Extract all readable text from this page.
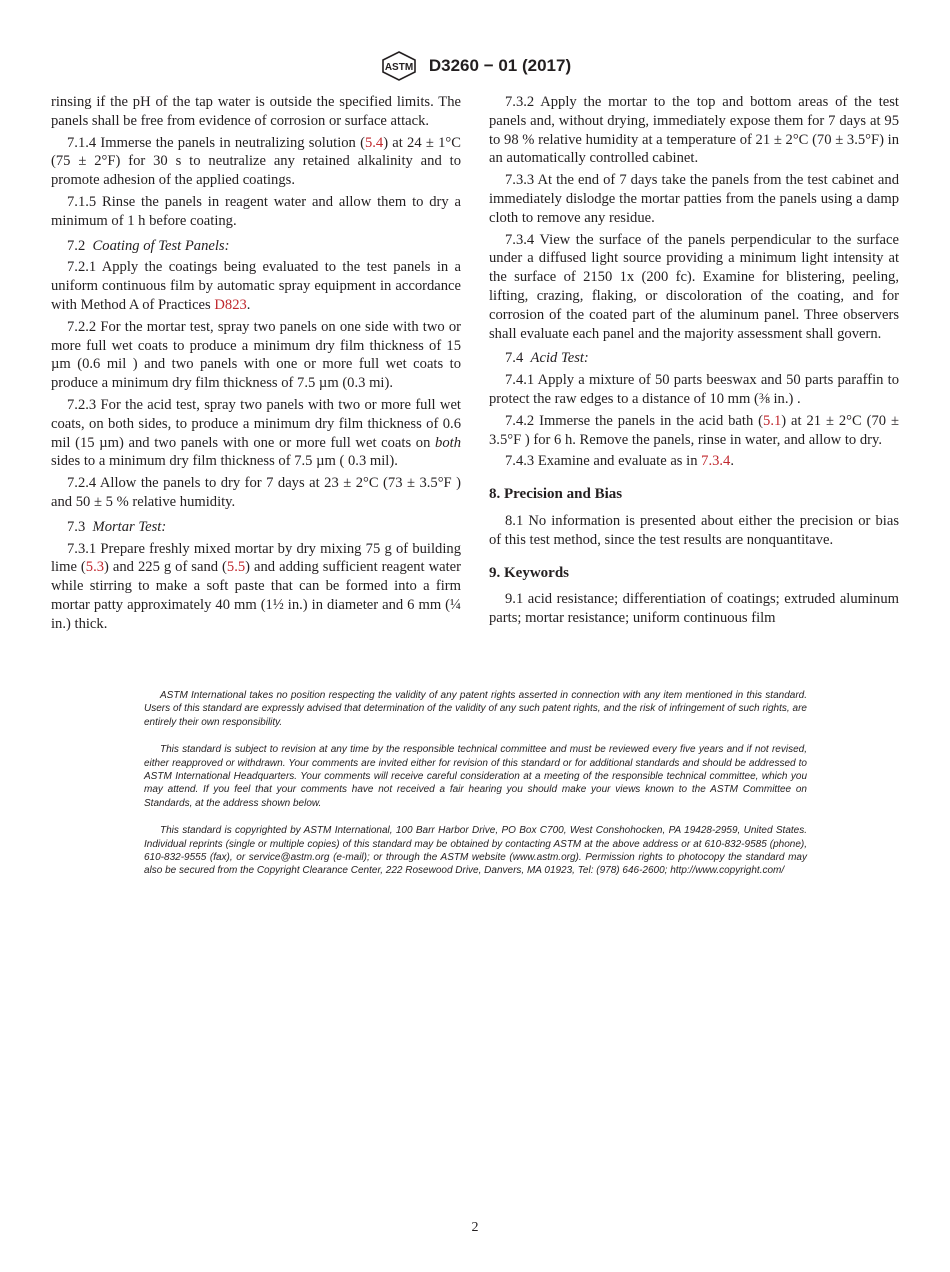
ASTM D3260 − 01 (2017)

rinsing if the pH of the tap water is outside the specified limits. The panels shall be free from evidence of corrosion or surface attack.

7.1.4 Immerse the panels in neutralizing solution (5.4) at 24 ± 1°C (75 ± 2°F) for 30 s to neutralize any retained alkalinity and to promote adhesion of the applied coatings.

7.1.5 Rinse the panels in reagent water and allow them to dry a minimum of 1 h before coating.

7.2 Coating of Test Panels:

7.2.1 Apply the coatings being evaluated to the test panels in a uniform continuous film by automatic spray equipment in accordance with Method A of Practices D823.

7.2.2 For the mortar test, spray two panels on one side with two or more full wet coats to produce a minimum dry film thickness of 15 µm (0.6 mil ) and two panels with one or more full wet coats to produce a minimum dry film thickness of 7.5 µm (0.3 mi).

7.2.3 For the acid test, spray two panels with two or more full wet coats, on both sides, to produce a minimum dry film thickness of 0.6 mil (15 µm) and two panels with one or more full wet coats on both sides to a minimum dry film thickness of 7.5 µm ( 0.3 mil).

7.2.4 Allow the panels to dry for 7 days at 23 ± 2°C (73 ± 3.5°F ) and 50 ± 5 % relative humidity.

7.3 Mortar Test:

7.3.1 Prepare freshly mixed mortar by dry mixing 75 g of building lime (5.3) and 225 g of sand (5.5) and adding sufficient reagent water while stirring to make a soft paste that can be formed into a firm mortar patty approximately 40 mm (1½ in.) in diameter and 6 mm (¼ in.) thick.

7.3.2 Apply the mortar to the top and bottom areas of the test panels and, without drying, immediately expose them for 7 days at 95 to 98 % relative humidity at a temperature of 21 ± 2°C (70 ± 3.5°F) in an automatically controlled cabinet.

7.3.3 At the end of 7 days take the panels from the test cabinet and immediately dislodge the mortar patties from the panels using a damp cloth to remove any residue.

7.3.4 View the surface of the panels perpendicular to the surface under a diffused light source providing a minimum light intensity at the surface of 2150 1x (200 fc). Examine for blistering, peeling, lifting, crazing, flaking, or discoloration of the coating, and for corrosion of the coated part of the aluminum panel. Three observers shall evaluate each panel and the majority assessment shall govern.

7.4 Acid Test:

7.4.1 Apply a mixture of 50 parts beeswax and 50 parts paraffin to protect the raw edges to a distance of 10 mm (⅜ in.) .

7.4.2 Immerse the panels in the acid bath (5.1) at 21 ± 2°C (70 ± 3.5°F ) for 6 h. Remove the panels, rinse in water, and allow to dry.

7.4.3 Examine and evaluate as in 7.3.4.

8. Precision and Bias

8.1 No information is presented about either the precision or bias of this test method, since the test results are nonquantitave.

9. Keywords

9.1 acid resistance; differentiation of coatings; extruded aluminum parts; mortar resistance; uniform continuous film

ASTM International takes no position respecting the validity of any patent rights asserted in connection with any item mentioned in this standard. Users of this standard are expressly advised that determination of the validity of any such patent rights, and the risk of infringement of such rights, are entirely their own responsibility.

This standard is subject to revision at any time by the responsible technical committee and must be reviewed every five years and if not revised, either reapproved or withdrawn. Your comments are invited either for revision of this standard or for additional standards and should be addressed to ASTM International Headquarters. Your comments will receive careful consideration at a meeting of the responsible technical committee, which you may attend. If you feel that your comments have not received a fair hearing you should make your views known to the ASTM Committee on Standards, at the address shown below.

This standard is copyrighted by ASTM International, 100 Barr Harbor Drive, PO Box C700, West Conshohocken, PA 19428-2959, United States. Individual reprints (single or multiple copies) of this standard may be obtained by contacting ASTM at the above address or at 610-832-9585 (phone), 610-832-9555 (fax), or service@astm.org (e-mail); or through the ASTM website (www.astm.org). Permission rights to photocopy the standard may also be secured from the Copyright Clearance Center, 222 Rosewood Drive, Danvers, MA 01923, Tel: (978) 646-2600; http://www.copyright.com/

2
